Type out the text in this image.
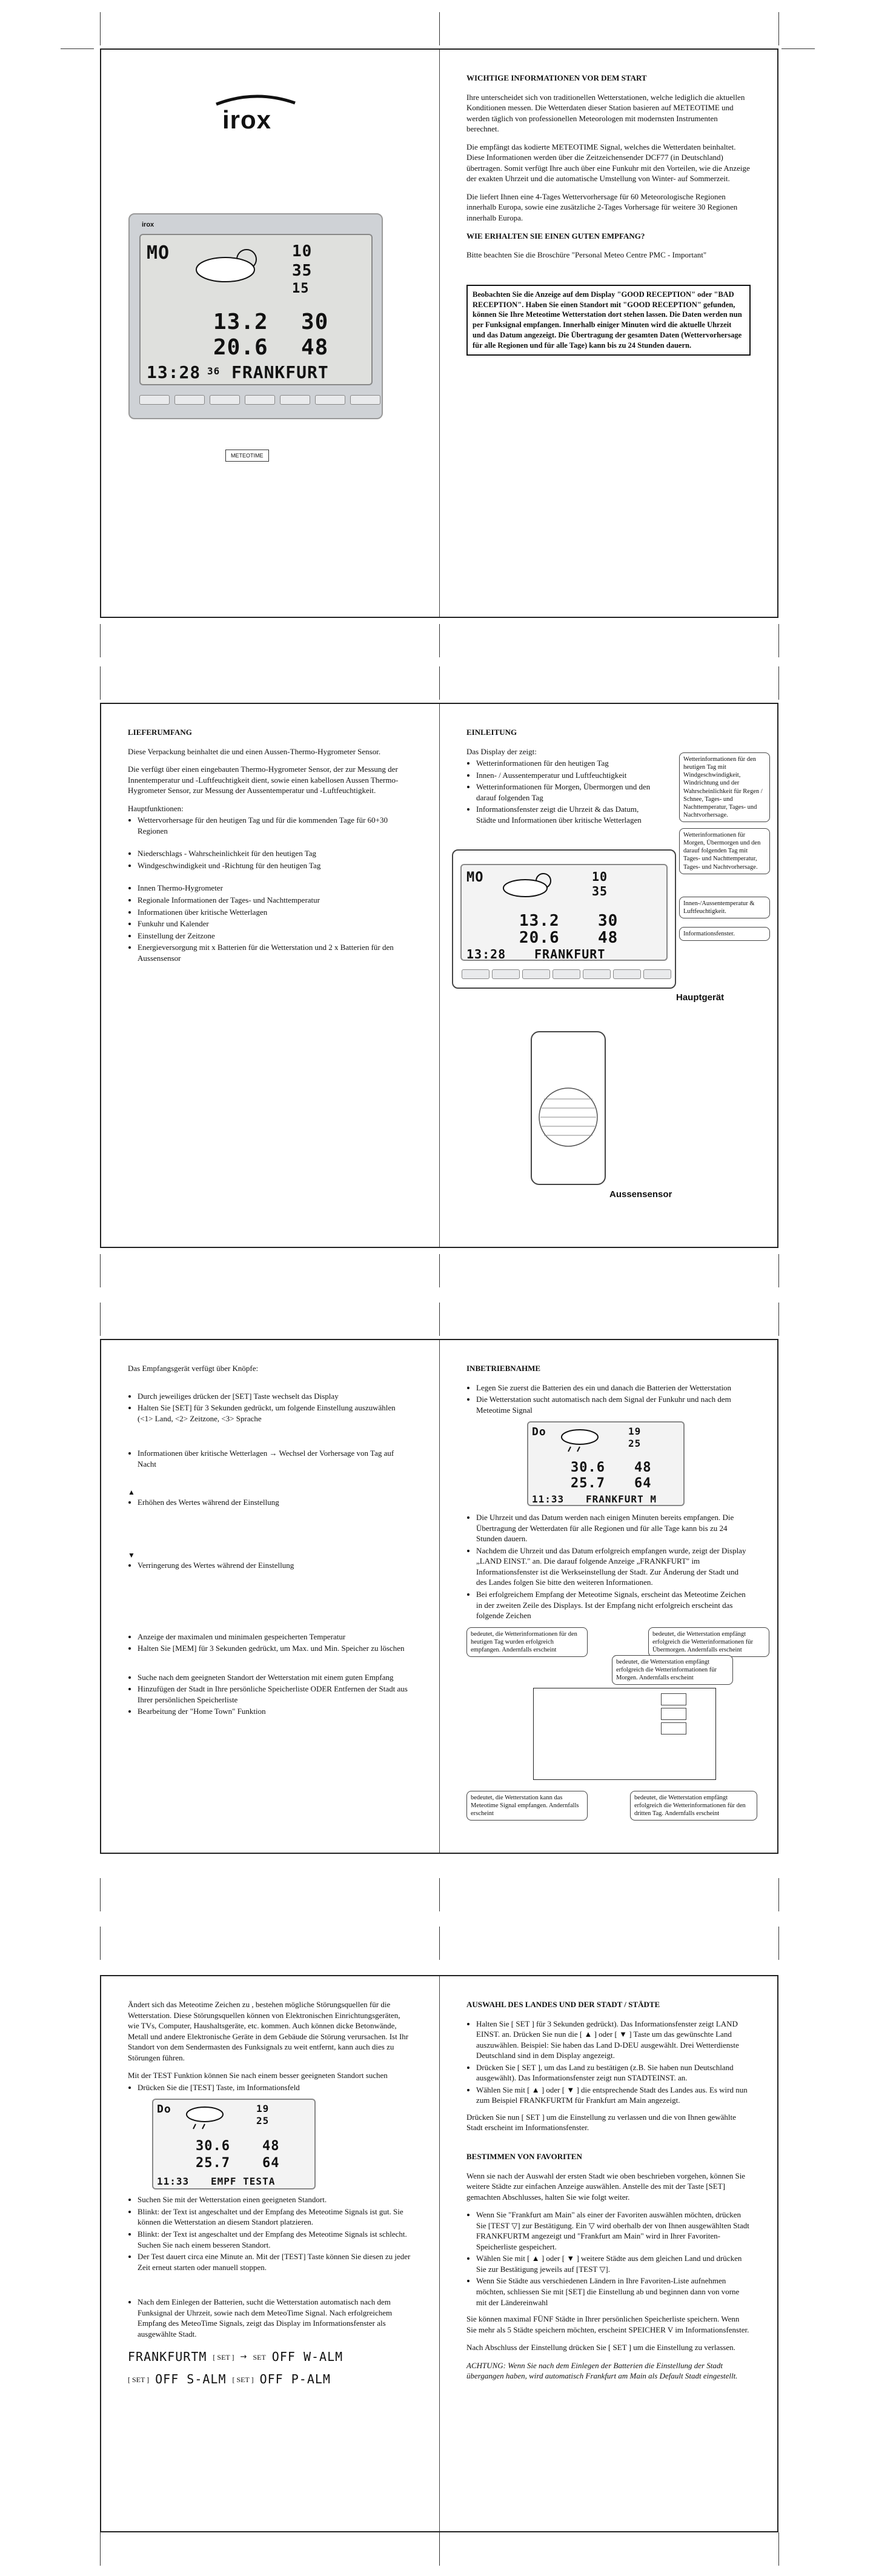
irox
irox
MO	10
35
15
13.2 30
20.6 48
13:28 36 FRANKFURT
METEOTIME
WICHTIGE INFORMATIONEN VOR DEM START

Ihre unterscheidet sich von traditionellen Wetterstationen, welche lediglich die aktuellen Konditionen messen. Die Wetterdaten dieser Station basieren auf METEOTIME und werden täglich von professionellen Meteorologen mit modernsten Instrumenten berechnet.

Die empfängt das kodierte METEOTIME Signal, welches die Wetterdaten beinhaltet. Diese Informationen werden über die Zeitzeichensender DCF77 (in Deutschland) übertragen. Somit verfügt Ihre auch über eine Funkuhr mit den Vorteilen, wie die Anzeige der exakten Uhrzeit und die automatische Umstellung von Winter- auf Sommerzeit.

Die liefert Ihnen eine 4-Tages Wettervorhersage für 60 Meteorologische Regionen innerhalb Europa, sowie eine zusätzliche 2-Tages Vorhersage für weitere 30 Regionen innerhalb Europa.

WIE ERHALTEN SIE EINEN GUTEN EMPFANG?

Bitte beachten Sie die Broschüre "Personal Meteo Centre PMC - Important"

Beobachten Sie die Anzeige auf dem Display "GOOD RECEPTION" oder "BAD RECEPTION". Haben Sie einen Standort mit "GOOD RECEPTION" gefunden, können Sie Ihre Meteotime Wetterstation dort stehen lassen. Die Daten werden nun per Funksignal empfangen. Innerhalb einiger Minuten wird die aktuelle Uhrzeit und das Datum angezeigt. Die Übertragung der gesamten Daten (Wettervorhersage für alle Regionen und für alle Tage) kann bis zu 24 Stunden dauern.
LIEFERUMFANG

Diese Verpackung beinhaltet die und einen Aussen-Thermo-Hygrometer Sensor.

Die verfügt über einen eingebauten Thermo-Hygrometer Sensor, der zur Messung der Innentemperatur und -Luftfeuchtigkeit dient, sowie einen kabellosen Aussen Thermo-Hygrometer Sensor, zur Messung der Aussentemperatur und -Luftfeuchtigkeit.

Hauptfunktionen:

• Wettervorhersage für den heutigen Tag und für die kommenden Tage für 60+30 Regionen
• Niederschlags - Wahrscheinlichkeit für den heutigen Tag
• Windgeschwindigkeit und -Richtung für den heutigen Tag
• Innen Thermo-Hygrometer
• Regionale Informationen der Tages- und Nachttemperatur
• Informationen über kritische Wetterlagen
• Funkuhr und Kalender
• Einstellung der Zeitzone
• Energieversorgung mit x Batterien für die Wetterstation und 2 x Batterien für den Aussensensor
EINLEITUNG

Das Display der zeigt:

• Wetterinformationen für den heutigen Tag
• Innen- / Aussentemperatur und Luftfeuchtigkeit
• Wetterinformationen für Morgen, Übermorgen und den darauf folgenden Tag
• Informationsfenster zeigt die Uhrzeit & das Datum, Städte und Informationen über kritische Wetterlagen
Wetterinformationen für den heutigen Tag mit Windgeschwindigkeit, Windrichtung und der Wahrscheinlichkeit für Regen / Schnee, Tages- und Nachttemperatur, Tages- und Nachtvorhersage.
Wetterinformationen für Morgen, Übermorgen und den darauf folgenden Tag mit Tages- und Nachttemperatur, Tages- und Nachtvorhersage.
Innen-/Aussentemperatur & Luftfeuchtigkeit.
Informationsfenster.
MO	10
35
13.2 30
20.6 48
13:28 FRANKFURT
Hauptgerät
Aussensensor

Das Empfangsgerät verfügt über Knöpfe:

• Durch jeweiliges drücken der [SET] Taste wechselt das Display
• Halten Sie [SET] für 3 Sekunden gedrückt, um folgende Einstellung auszuwählen (<1> Land, <2> Zeitzone, <3> Sprache
• Informationen über kritische Wetterlagen → Wechsel der Vorhersage von Tag auf Nacht
▲
• Erhöhen des Wertes während der Einstellung
▼
• Verringerung des Wertes während der Einstellung
• Anzeige der maximalen und minimalen gespeicherten Temperatur
• Halten Sie [MEM] für 3 Sekunden gedrückt, um Max. und Min. Speicher zu löschen
• Suche nach dem geeigneten Standort der Wetterstation mit einem guten Empfang
• Hinzufügen der Stadt in Ihre persönliche Speicherliste ODER Entfernen der Stadt aus Ihrer persönlichen Speicherliste
• Bearbeitung der "Home Town" Funktion
INBETRIEBNAHME
• Legen Sie zuerst die Batterien des ein und danach die Batterien der Wetterstation
• Die Wetterstation sucht automatisch nach dem Signal der Funkuhr und nach dem Meteotime Signal
Do	19
25
30.6 48
25.7 64
11:33 FRANKFURT M
• Die Uhrzeit und das Datum werden nach einigen Minuten bereits empfangen. Die Übertragung der Wetterdaten für alle Regionen und für alle Tage kann bis zu 24 Stunden dauern.
• Nachdem die Uhrzeit und das Datum erfolgreich empfangen wurde, zeigt der Display „LAND EINST." an. Die darauf folgende Anzeige „FRANKFURT" im Informationsfenster ist die Werkseinstellung der Stadt. Zur Änderung der Stadt und des Landes folgen Sie bitte den weiteren Informationen.
• Bei erfolgreichem Empfang der Meteotime Signals, erscheint das Meteotime Zeichen in der zweiten Zeile des Displays. Ist der Empfang nicht erfolgreich erscheint das folgende Zeichen
bedeutet, die Wetterinformationen für den heutigen Tag wurden erfolgreich empfangen. Andernfalls erscheint
bedeutet, die Wetterstation empfängt erfolgreich die Wetterinformationen für Übermorgen. Andernfalls erscheint
bedeutet, die Wetterstation empfängt erfolgreich die Wetterinformationen für Morgen. Andernfalls erscheint
bedeutet, die Wetterstation kann das Meteotime Signal empfangen. Andernfalls erscheint
bedeutet, die Wetterstation empfängt erfolgreich die Wetterinformationen für den dritten Tag. Andernfalls erscheint

Ändert sich das Meteotime Zeichen zu , bestehen mögliche Störungsquellen für die Wetterstation. Diese Störungsquellen können von Elektronischen Einrichtungsgeräten, wie TVs, Computer, Haushaltsgeräte, etc. kommen. Auch können dicke Betonwände, Metall und andere Elektronische Geräte in dem Gebäude die Störung verursachen. Ist Ihr Standort von dem Sendermasten des Funksignals zu weit entfernt, kann auch dies zu Störungen führen.

Mit der TEST Funktion können Sie nach einem besser geeigneten Standort suchen

• Drücken Sie die [TEST] Taste, im Informationsfeld
Do	19
25
30.6 48
25.7 64
11:33 EMPF TESTA
• Suchen Sie mit der Wetterstation einen geeigneten Standort.
• Blinkt: der Text ist angeschaltet und der Empfang des Meteotime Signals ist gut. Sie können die Wetterstation an diesem Standort platzieren.
• Blinkt: der Text ist angeschaltet und der Empfang des Meteotime Signals ist schlecht. Suchen Sie nach einem besseren Standort.
• Der Test dauert circa eine Minute an. Mit der [TEST] Taste können Sie diesen zu jeder Zeit erneut starten oder manuell stoppen.
• Nach dem Einlegen der Batterien, sucht die Wetterstation automatisch nach dem Funksignal der Uhrzeit, sowie nach dem MeteoTime Signal. Nach erfolgreichem Empfang des MeteoTime Signals, zeigt das Display im Informationsfenster als ausgewählte Stadt.
FRANKFURTM [ SET ] → SET OFF W-ALM
[ SET ] OFF S-ALM [ SET ] OFF P-ALM
AUSWAHL DES LANDES UND DER STADT / STÄDTE
• Halten Sie [ SET ] für 3 Sekunden gedrückt). Das Informationsfenster zeigt LAND EINST. an. Drücken Sie nun die [ ▲ ] oder [ ▼ ] Taste um das gewünschte Land auszuwählen. Beispiel: Sie haben das Land D-DEU ausgewählt. Drei Wetterdienste Deutschland sind in dem Display angezeigt.
• Drücken Sie [ SET ], um das Land zu bestätigen (z.B. Sie haben nun Deutschland ausgewählt). Das Informationsfenster zeigt nun STADTEINST. an.
• Wählen Sie mit [ ▲ ] oder [ ▼ ] die entsprechende Stadt des Landes aus. Es wird nun zum Beispiel FRANKFURTM für Frankfurt am Main angezeigt.

Drücken Sie nun [ SET ] um die Einstellung zu verlassen und die von Ihnen gewählte Stadt erscheint im Informationsfenster.

BESTIMMEN VON FAVORITEN

Wenn sie nach der Auswahl der ersten Stadt wie oben beschrieben vorgehen, können Sie weitere Städte zur einfachen Anzeige auswählen. Anstelle des mit der Taste [SET] gemachten Abschlusses, halten Sie wie folgt weiter.

• Wenn Sie "Frankfurt am Main" als einer der Favoriten auswählen möchten, drücken Sie [TEST ▽] zur Bestätigung. Ein ▽ wird oberhalb der von Ihnen ausgewählten Stadt FRANKFURTM angezeigt und "Frankfurt am Main" wird in Ihrer Favoriten-Speicherliste gespeichert.
• Wählen Sie mit [ ▲ ] oder [ ▼ ] weitere Städte aus dem gleichen Land und drücken Sie zur Bestätigung jeweils auf [TEST ▽].
• Wenn Sie Städte aus verschiedenen Ländern in Ihre Favoriten-Liste aufnehmen möchten, schliessen Sie mit [SET] die Einstellung ab und beginnen dann von vorne mit der Ländereinwahl

Sie können maximal FÜNF Städte in Ihrer persönlichen Speicherliste speichern. Wenn Sie mehr als 5 Städte speichern möchten, erscheint SPEICHER V im Informationsfenster.

Nach Abschluss der Einstellung drücken Sie [ SET ] um die Einstellung zu verlassen.

ACHTUNG: Wenn Sie nach dem Einlegen der Batterien die Einstellung der Stadt übergangen haben, wird automatisch Frankfurt am Main als Default Stadt eingestellt.
